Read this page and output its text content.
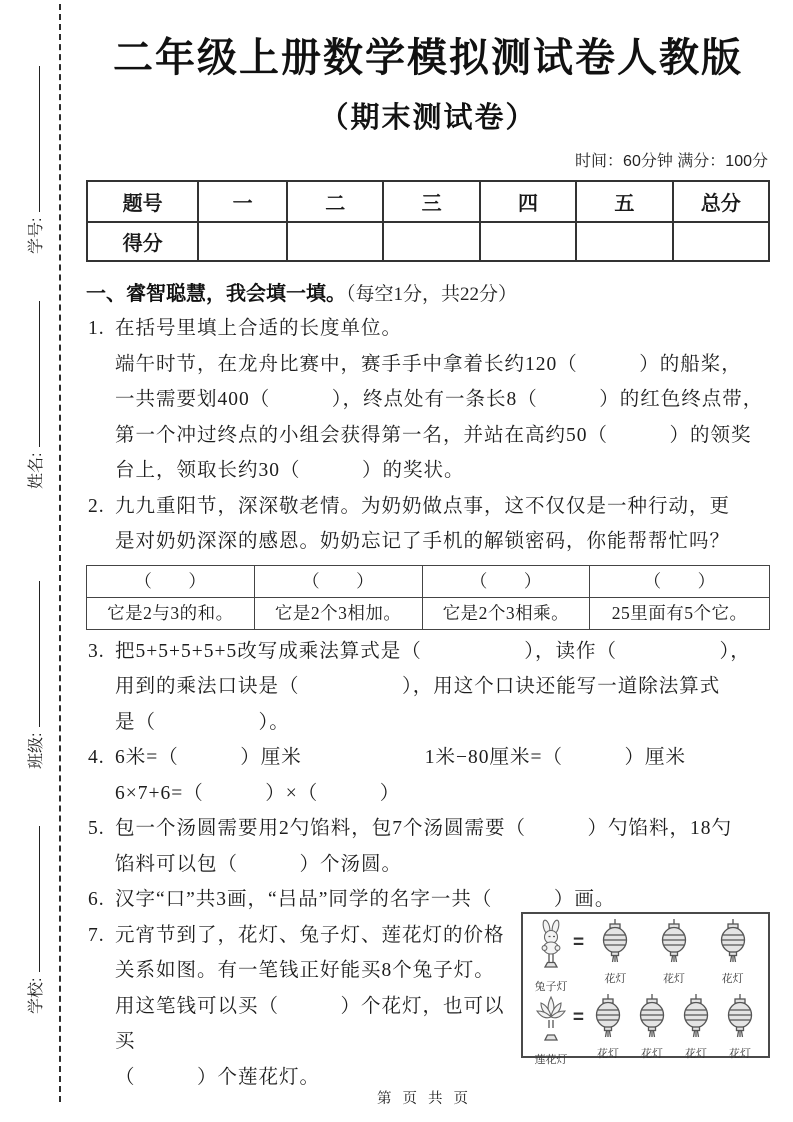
学号:
姓名:
班级:
学校:
二年级上册数学模拟测试卷人教版
（期末测试卷）
时间：60分钟 满分：100分
题号	一	二	三	四	五	总分
得分						
一、睿智聪慧，我会填一填。（每空1分，共22分）
1. 在括号里填上合适的长度单位。
端午时节，在龙舟比赛中，赛手手中拿着长约120（　　　）的船桨，
一共需要划400（　　　），终点处有一条长8（　　　）的红色终点带，
第一个冲过终点的小组会获得第一名，并站在高约50（　　　）的领奖
台上，领取长约30（　　　）的奖状。
2. 九九重阳节，深深敬老情。为奶奶做点事，这不仅仅是一种行动，更
是对奶奶深深的感恩。奶奶忘记了手机的解锁密码，你能帮帮忙吗？
（　　）	（　　）	（　　）	（　　）
它是2与3的和。	它是2个3相加。	它是2个3相乘。	25里面有5个它。
3. 把5+5+5+5+5改写成乘法算式是（　　　　　），读作（　　　　　），
用到的乘法口诀是（　　　　　），用这个口诀还能写一道除法算式
是（　　　　　）。
4. 6米=（　　　）厘米　　　　　　1米−80厘米=（　　　）厘米
6×7+6=（　　　）×（　　　）
5. 包一个汤圆需要用2勺馅料，包7个汤圆需要（　　　）勺馅料，18勺
馅料可以包（　　　）个汤圆。
6. 汉字“口”共3画，“吕品”同学的名字一共（　　　）画。
7. 元宵节到了，花灯、兔子灯、莲花灯的价格
关系如图。有一笔钱正好能买8个兔子灯。
用这笔钱可以买（　　　）个花灯，也可以买
（　　　）个莲花灯。
兔子灯
=
花灯	花灯	花灯
莲花灯
=
花灯 花灯 花灯 花灯
第页共页
